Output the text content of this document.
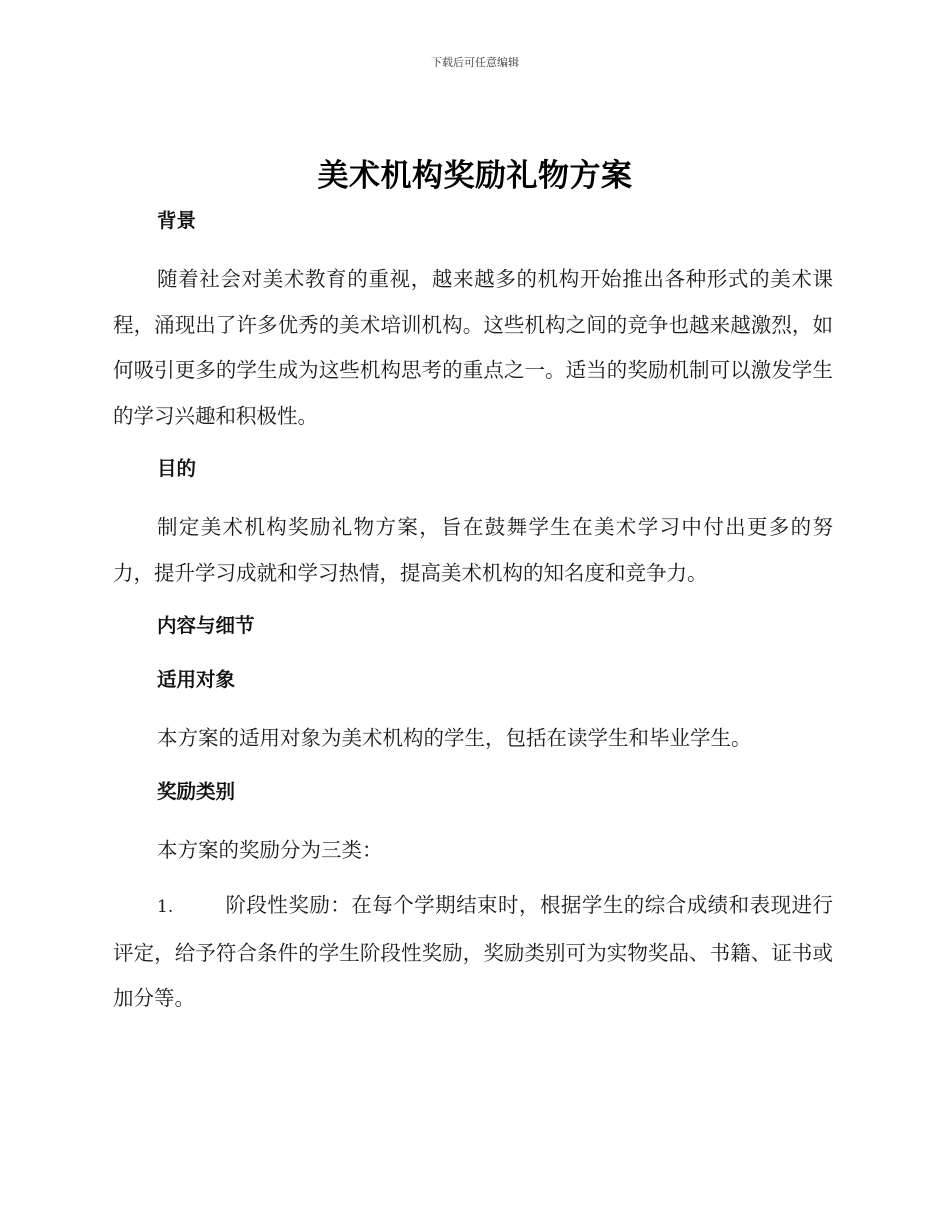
下载后可任意编辑
美术机构奖励礼物方案

背景

随着社会对美术教育的重视，越来越多的机构开始推出各种形式的美术课程，涌现出了许多优秀的美术培训机构。这些机构之间的竞争也越来越激烈，如何吸引更多的学生成为这些机构思考的重点之一。适当的奖励机制可以激发学生的学习兴趣和积极性。

目的

制定美术机构奖励礼物方案，旨在鼓舞学生在美术学习中付出更多的努力，提升学习成就和学习热情，提高美术机构的知名度和竞争力。

内容与细节

适用对象

本方案的适用对象为美术机构的学生，包括在读学生和毕业学生。

奖励类别

本方案的奖励分为三类：

1.	阶段性奖励：在每个学期结束时，根据学生的综合成绩和表现进行评定，给予符合条件的学生阶段性奖励，奖励类别可为实物奖品、书籍、证书或加分等。
